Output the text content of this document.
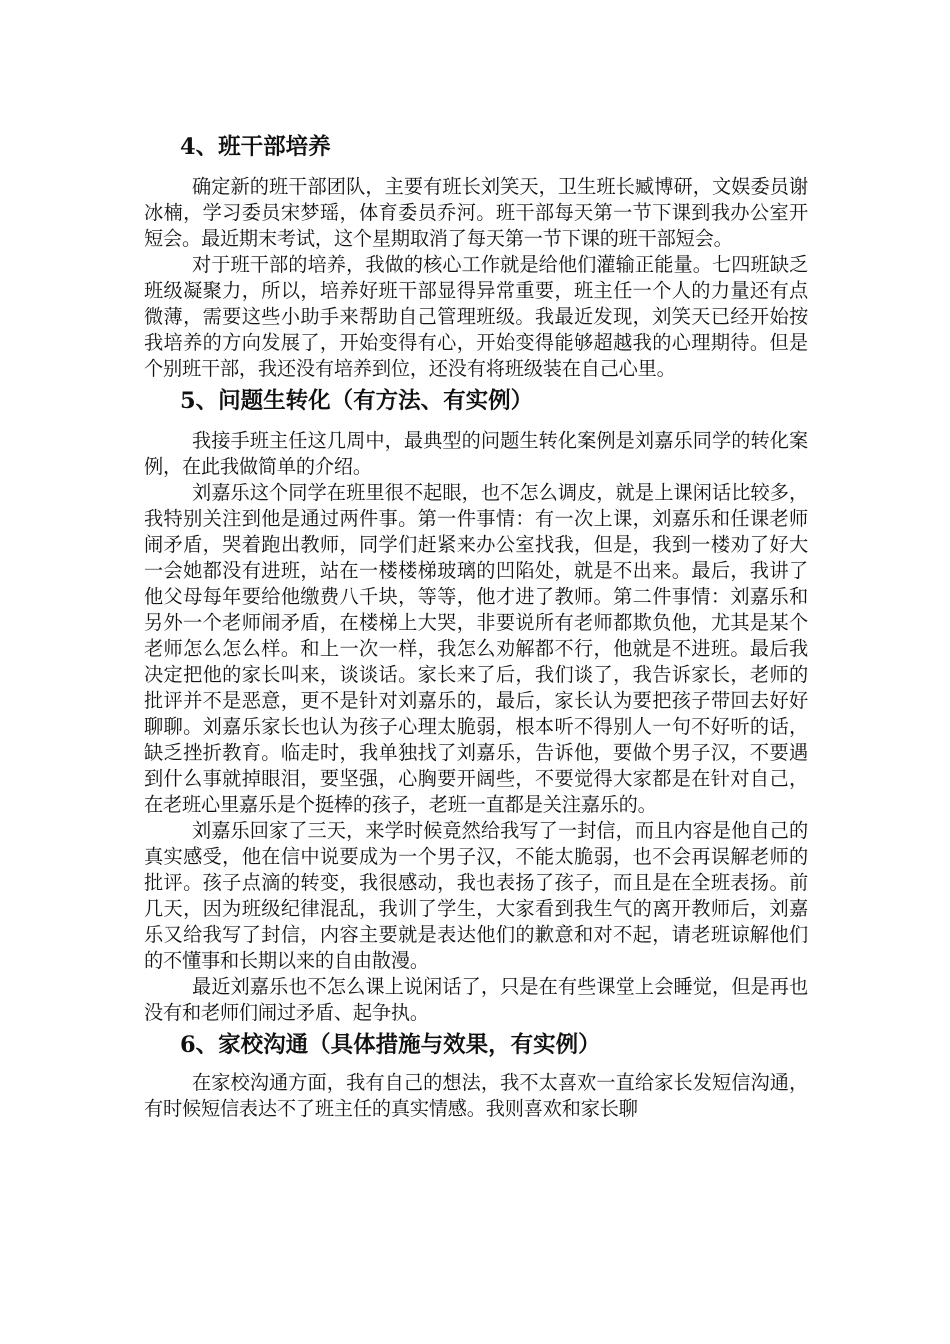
4、班干部培养

确定新的班干部团队，主要有班长刘笑天，卫生班长臧博研，文娱委员谢冰楠，学习委员宋梦瑶，体育委员乔河。班干部每天第一节下课到我办公室开短会。最近期末考试，这个星期取消了每天第一节下课的班干部短会。

对于班干部的培养，我做的核心工作就是给他们灌输正能量。七四班缺乏班级凝聚力，所以，培养好班干部显得异常重要，班主任一个人的力量还有点微薄，需要这些小助手来帮助自己管理班级。我最近发现，刘笑天已经开始按我培养的方向发展了，开始变得有心，开始变得能够超越我的心理期待。但是个别班干部，我还没有培养到位，还没有将班级装在自己心里。

5、问题生转化（有方法、有实例）

我接手班主任这几周中，最典型的问题生转化案例是刘嘉乐同学的转化案例，在此我做简单的介绍。

刘嘉乐这个同学在班里很不起眼，也不怎么调皮，就是上课闲话比较多，我特别关注到他是通过两件事。第一件事情：有一次上课，刘嘉乐和任课老师闹矛盾，哭着跑出教师，同学们赶紧来办公室找我，但是，我到一楼劝了好大一会她都没有进班，站在一楼楼梯玻璃的凹陷处，就是不出来。最后，我讲了他父母每年要给他缴费八千块，等等，他才进了教师。第二件事情：刘嘉乐和另外一个老师闹矛盾，在楼梯上大哭，非要说所有老师都欺负他，尤其是某个老师怎么怎么样。和上一次一样，我怎么劝解都不行，他就是不进班。最后我决定把他的家长叫来，谈谈话。家长来了后，我们谈了，我告诉家长，老师的批评并不是恶意，更不是针对刘嘉乐的，最后，家长认为要把孩子带回去好好聊聊。刘嘉乐家长也认为孩子心理太脆弱，根本听不得别人一句不好听的话，缺乏挫折教育。临走时，我单独找了刘嘉乐，告诉他，要做个男子汉，不要遇到什么事就掉眼泪，要坚强，心胸要开阔些，不要觉得大家都是在针对自己，在老班心里嘉乐是个挺棒的孩子，老班一直都是关注嘉乐的。

刘嘉乐回家了三天，来学时候竟然给我写了一封信，而且内容是他自己的真实感受，他在信中说要成为一个男子汉，不能太脆弱，也不会再误解老师的批评。孩子点滴的转变，我很感动，我也表扬了孩子，而且是在全班表扬。前几天，因为班级纪律混乱，我训了学生，大家看到我生气的离开教师后，刘嘉乐又给我写了封信，内容主要就是表达他们的歉意和对不起，请老班谅解他们的不懂事和长期以来的自由散漫。

最近刘嘉乐也不怎么课上说闲话了，只是在有些课堂上会睡觉，但是再也没有和老师们闹过矛盾、起争执。

6、家校沟通（具体措施与效果，有实例）

在家校沟通方面，我有自己的想法，我不太喜欢一直给家长发短信沟通，有时候短信表达不了班主任的真实情感。我则喜欢和家长聊
